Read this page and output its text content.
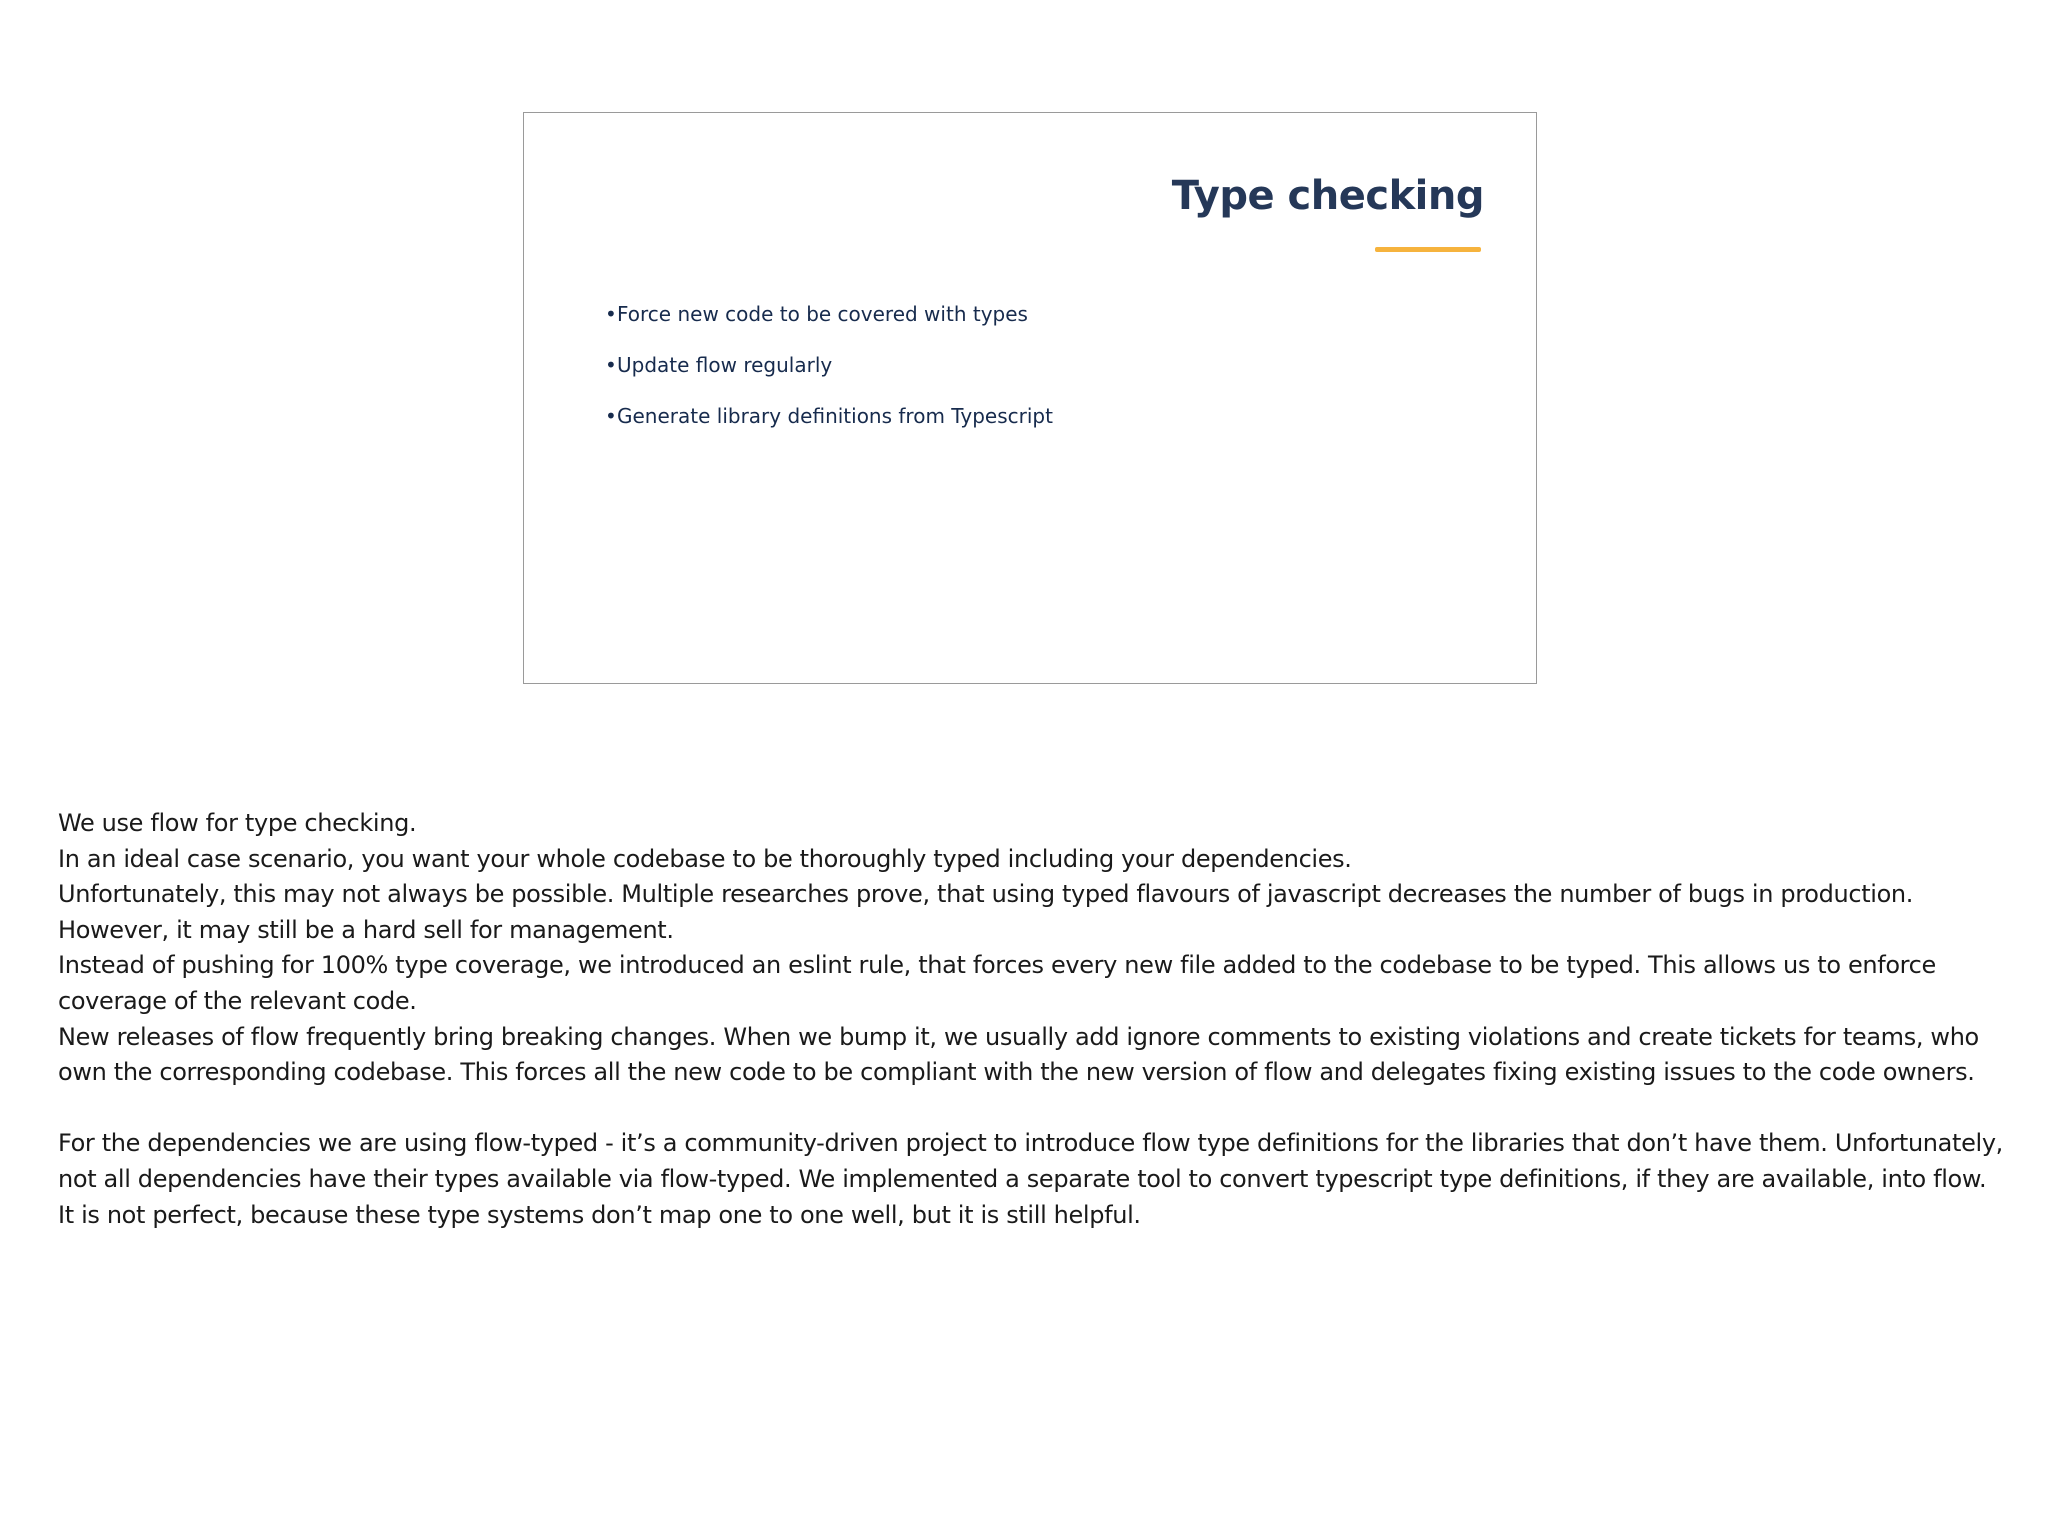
Type checking
•Force new code to be covered with types
•Update flow regularly
•Generate library definitions from Typescript

We use flow for type checking.

In an ideal case scenario, you want your whole codebase to be thoroughly typed including your dependencies.

Unfortunately, this may not always be possible. Multiple researches prove, that using typed flavours of javascript decreases the number of bugs in production. However, it may still be a hard sell for management.

Instead of pushing for 100% type coverage, we introduced an eslint rule, that forces every new file added to the codebase to be typed. This allows us to enforce coverage of the relevant code.

New releases of flow frequently bring breaking changes. When we bump it, we usually add ignore comments to existing violations and create tickets for teams, who own the corresponding codebase. This forces all the new code to be compliant with the new version of flow and delegates fixing existing issues to the code owners.

For the dependencies we are using flow-typed - it’s a community-driven project to introduce flow type definitions for the libraries that don’t have them. Unfortunately, not all dependencies have their types available via flow-typed. We implemented a separate tool to convert typescript type definitions, if they are available, into flow. It is not perfect, because these type systems don’t map one to one well, but it is still helpful.
